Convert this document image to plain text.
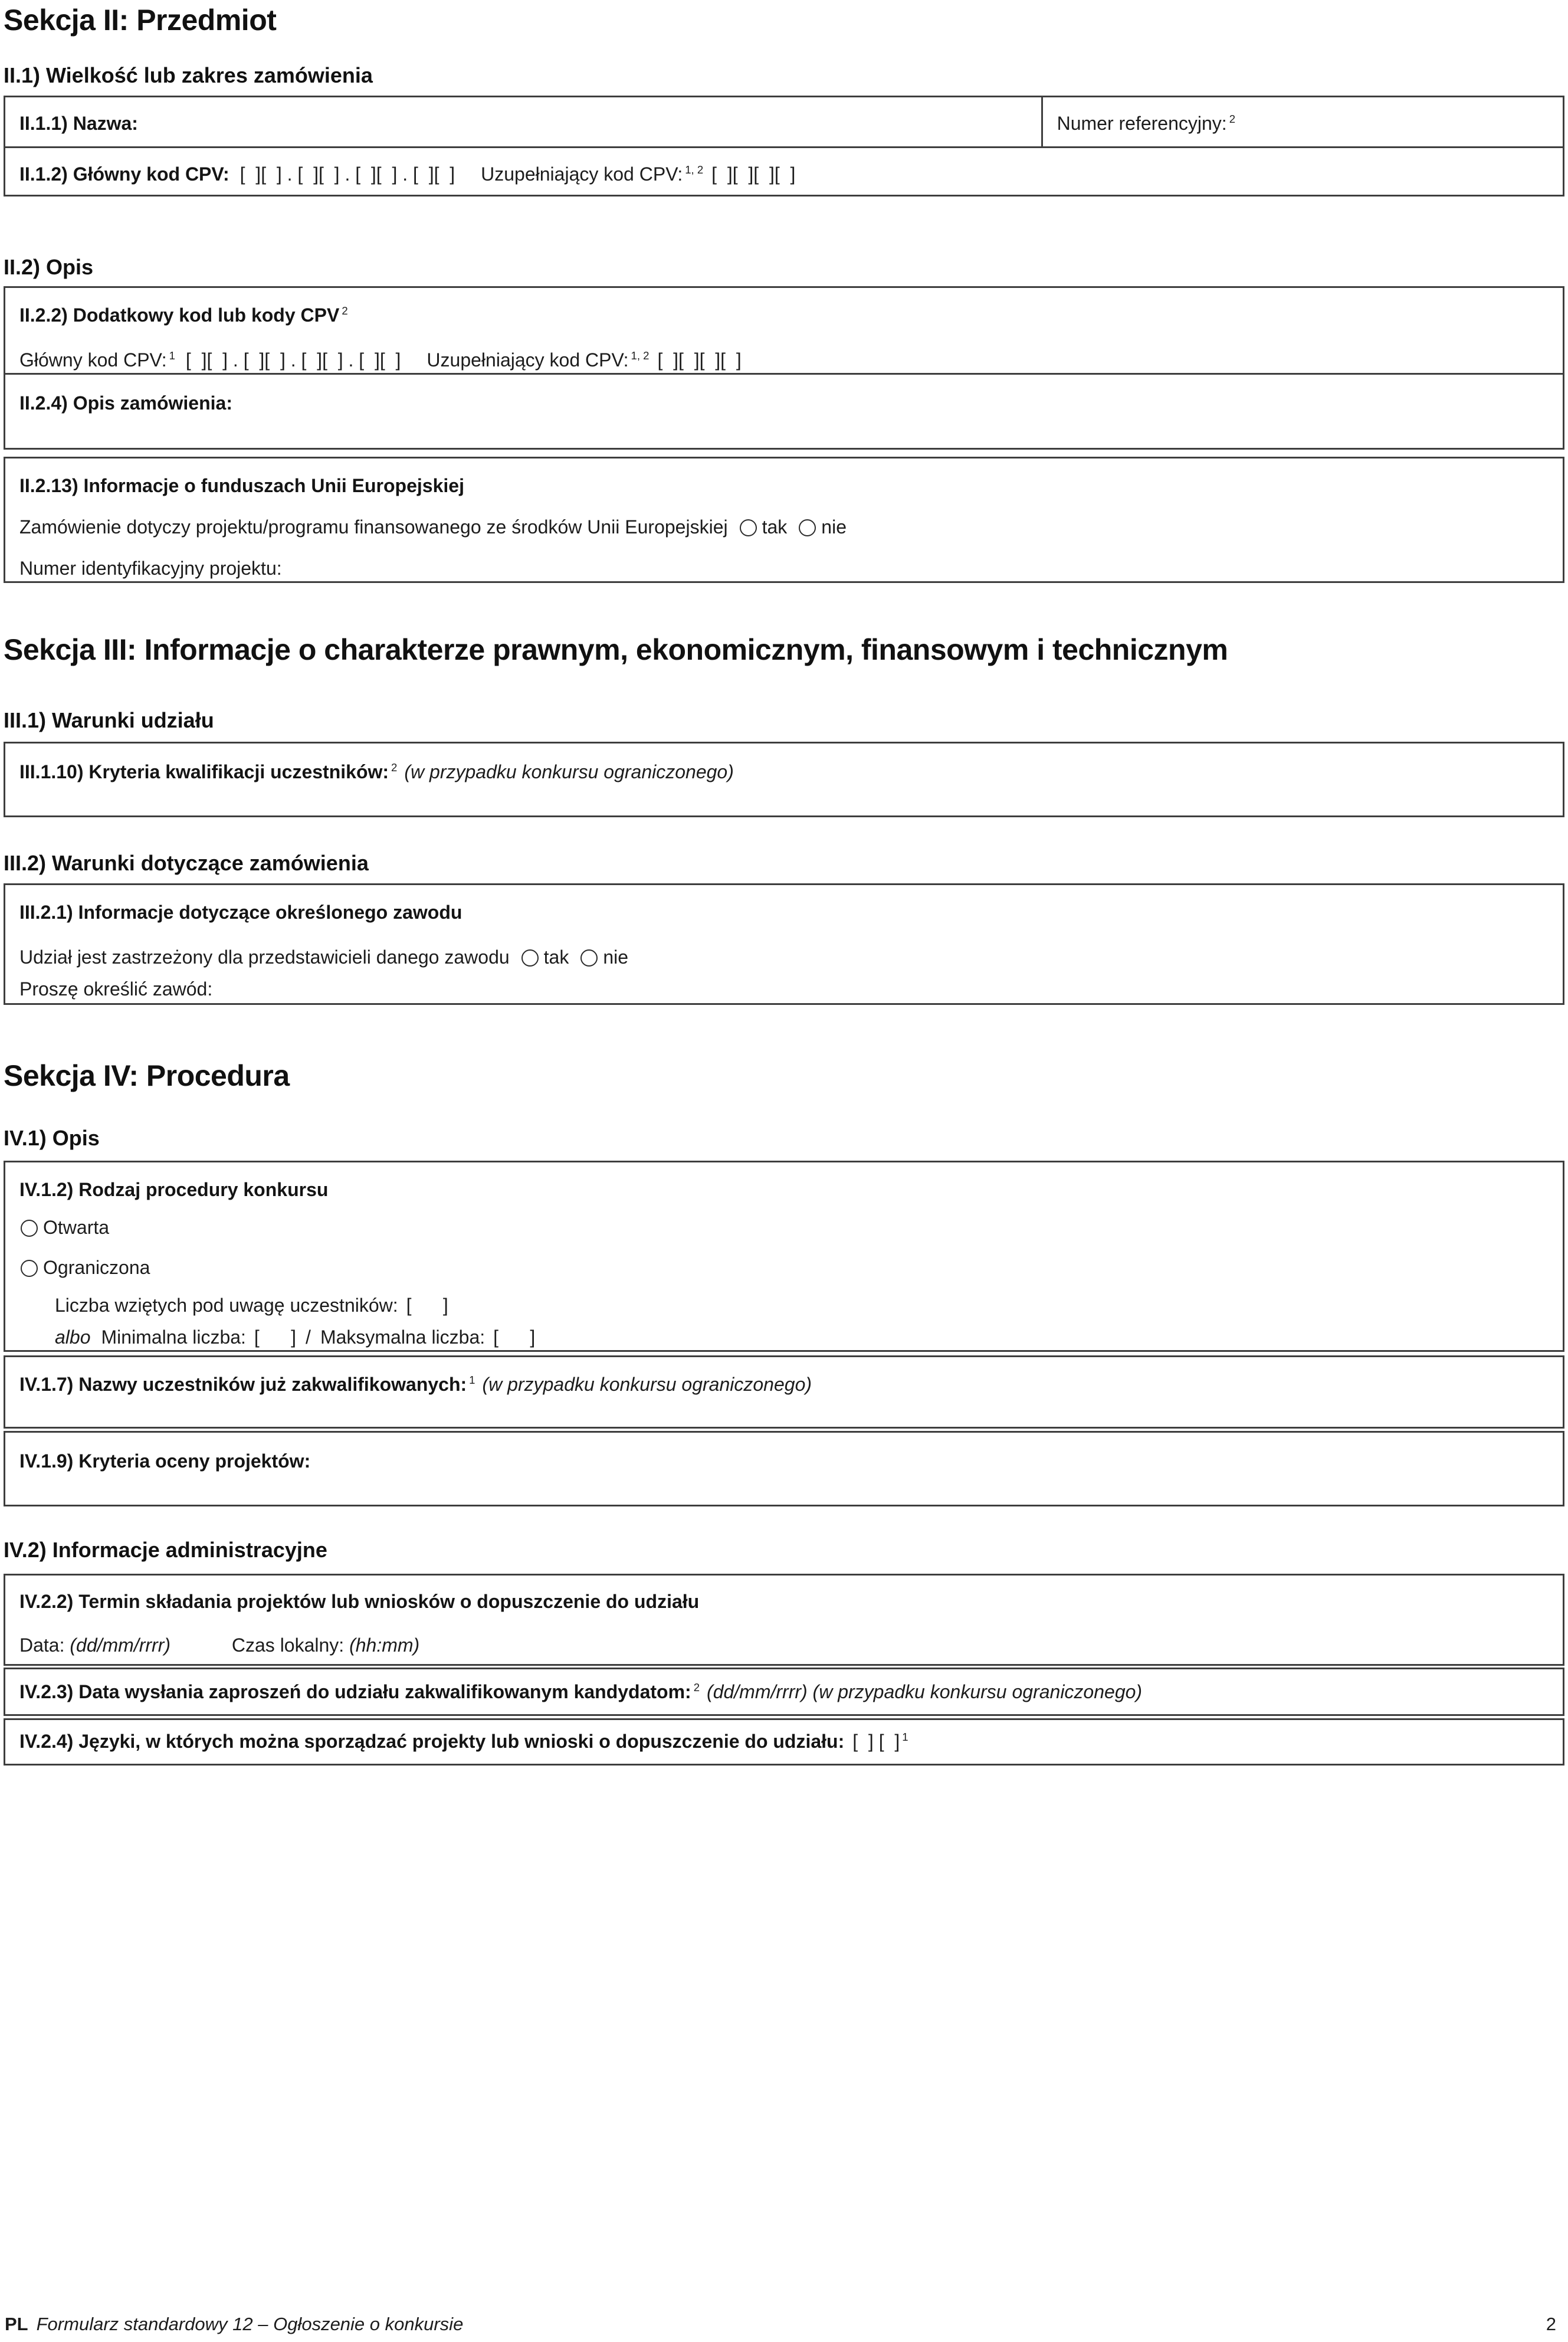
Sekcja II: Przedmiot
II.1) Wielkość lub zakres zamówienia
II.1.1) Nazwa:	Numer referencyjny: $^2$
II.1.2) Główny kod CPV: [  ][  ] . [  ][  ] . [  ][  ] . [  ][  ] Uzupełniający kod CPV: $^{1, 2}$ [  ][  ][  ][  ]
II.2) Opis
II.2.2) Dodatkowy kod lub kody CPV $^2$
Główny kod CPV: $^1$ [  ][  ] . [  ][  ] . [  ][  ] . [  ][  ] Uzupełniający kod CPV: $^{1, 2}$ [  ][  ][  ][  ]
II.2.4) Opis zamówienia:
II.2.13) Informacje o funduszach Unii Europejskiej
Zamówienie dotyczy projektu/programu finansowanego ze środków Unii Europejskiej tak nie
Numer identyfikacyjny projektu:
Sekcja III: Informacje o charakterze prawnym, ekonomicznym, finansowym i technicznym
III.1) Warunki udziału
III.1.10) Kryteria kwalifikacji uczestników: $^2$ (w przypadku konkursu ograniczonego)
III.2) Warunki dotyczące zamówienia
III.2.1) Informacje dotyczące określonego zawodu
Udział jest zastrzeżony dla przedstawicieli danego zawodu tak nie
Proszę określić zawód:
Sekcja IV: Procedura
IV.1) Opis
IV.1.2) Rodzaj procedury konkursu
Otwarta
Ograniczona
Liczba wziętych pod uwagę uczestników: [      ]
albo Minimalna liczba: [      ] / Maksymalna liczba: [      ]
IV.1.7) Nazwy uczestników już zakwalifikowanych: $^1$ (w przypadku konkursu ograniczonego)
IV.1.9) Kryteria oceny projektów:
IV.2) Informacje administracyjne
IV.2.2) Termin składania projektów lub wniosków o dopuszczenie do udziału
Data: (dd/mm/rrrr)	Czas lokalny: (hh:mm)
IV.2.3) Data wysłania zaproszeń do udziału zakwalifikowanym kandydatom: $^2$ (dd/mm/rrrr) (w przypadku konkursu ograniczonego)
IV.2.4) Języki, w których można sporządzać projekty lub wnioski o dopuszczenie do udziału: [  ] [  ] $^1$
PL Formularz standardowy 12 – Ogłoszenie o konkursie	2
